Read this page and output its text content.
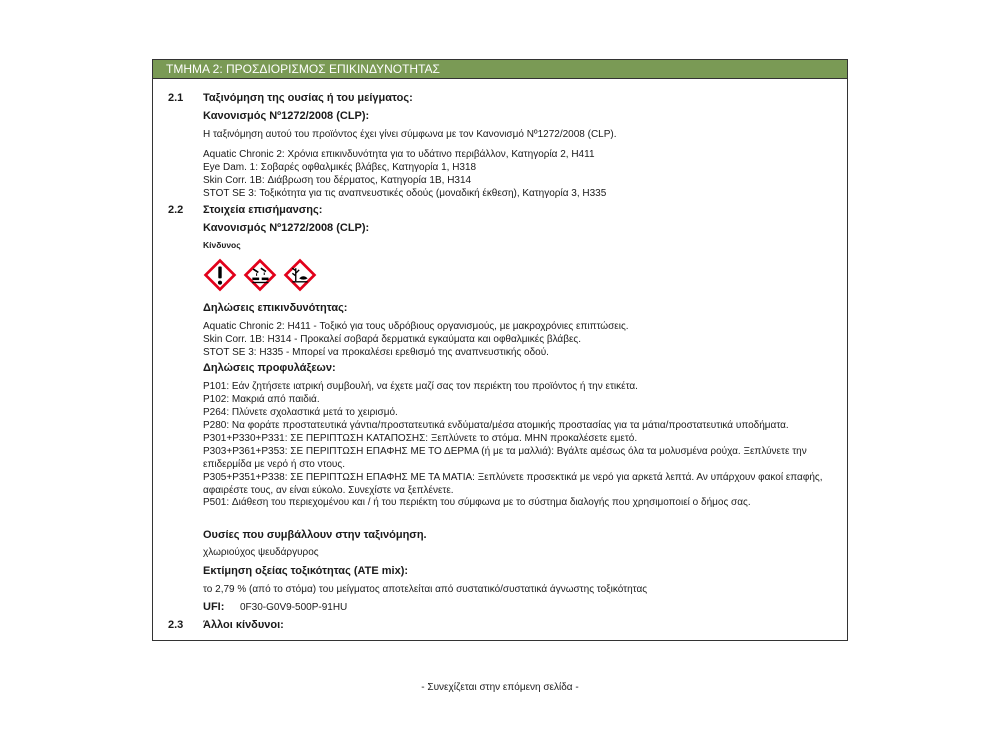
ΤΜΗΜΑ 2: ΠΡΟΣΔΙΟΡΙΣΜΟΣ ΕΠΙΚΙΝΔΥΝΟΤΗΤΑΣ
2.1 Ταξινόμηση της ουσίας ή του μείγματος:
Κανονισμός Nº1272/2008 (CLP):
Η ταξινόμηση αυτού του προϊόντος έχει γίνει σύμφωνα με τον Κανονισμό Nº1272/2008 (CLP).
Aquatic Chronic 2: Χρόνια επικινδυνότητα για το υδάτινο περιβάλλον, Κατηγορία 2, H411
Eye Dam. 1: Σοβαρές οφθαλμικές βλάβες, Κατηγορία 1, H318
Skin Corr. 1B: Διάβρωση του δέρματος, Κατηγορία 1B, H314
STOT SE 3: Τοξικότητα για τις αναπνευστικές οδούς (μοναδική έκθεση), Κατηγορία 3, H335
2.2 Στοιχεία επισήμανσης:
Κανονισμός Nº1272/2008 (CLP):
Κίνδυνος
Δηλώσεις επικινδυνότητας:
Aquatic Chronic 2: H411 - Τοξικό για τους υδρόβιους οργανισμούς, με μακροχρόνιες επιπτώσεις.
Skin Corr. 1B: H314 - Προκαλεί σοβαρά δερματικά εγκαύματα και οφθαλμικές βλάβες.
STOT SE 3: H335 - Μπορεί να προκαλέσει ερεθισμό της αναπνευστικής οδού.
Δηλώσεις προφυλάξεων:
P101: Εάν ζητήσετε ιατρική συμβουλή, να έχετε μαζί σας τον περιέκτη του προϊόντος ή την ετικέτα.
P102: Μακριά από παιδιά.
P264: Πλύνετε σχολαστικά μετά το χειρισμό.
P280: Να φοράτε προστατευτικά γάντια/προστατευτικά ενδύματα/μέσα ατομικής προστασίας για τα μάτια/προστατευτικά υποδήματα.
P301+P330+P331: ΣΕ ΠΕΡΙΠΤΩΣΗ ΚΑΤΑΠΟΣΗΣ: Ξεπλύνετε το στόμα. ΜΗΝ προκαλέσετε εμετό.
P303+P361+P353: ΣΕ ΠΕΡΙΠΤΩΣΗ ΕΠΑΦΗΣ ΜΕ ΤΟ ΔΕΡΜΑ (ή με τα μαλλιά): Βγάλτε αμέσως όλα τα μολυσμένα ρούχα. Ξεπλύνετε την επιδερμίδα με νερό ή στο ντους.
P305+P351+P338: ΣΕ ΠΕΡΙΠΤΩΣΗ ΕΠΑΦΗΣ ΜΕ ΤΑ ΜΑΤΙΑ: Ξεπλύνετε προσεκτικά με νερό για αρκετά λεπτά. Αν υπάρχουν φακοί επαφής, αφαιρέστε τους, αν είναι εύκολο. Συνεχίστε να ξεπλένετε.
P501: Διάθεση του περιεχομένου και / ή του περιέκτη του σύμφωνα με το σύστημα διαλογής που χρησιμοποιεί ο δήμος σας.
Ουσίες που συμβάλλουν στην ταξινόμηση.
χλωριούχος ψευδάργυρος
Εκτίμηση οξείας τοξικότητας (ATE mix):
το 2,79 % (από το στόμα) του μείγματος αποτελείται από συστατικό/συστατικά άγνωστης τοξικότητας
UFI: 0F30-G0V9-500P-91HU
2.3 Άλλοι κίνδυνοι:
- Συνεχίζεται στην επόμενη σελίδα -
